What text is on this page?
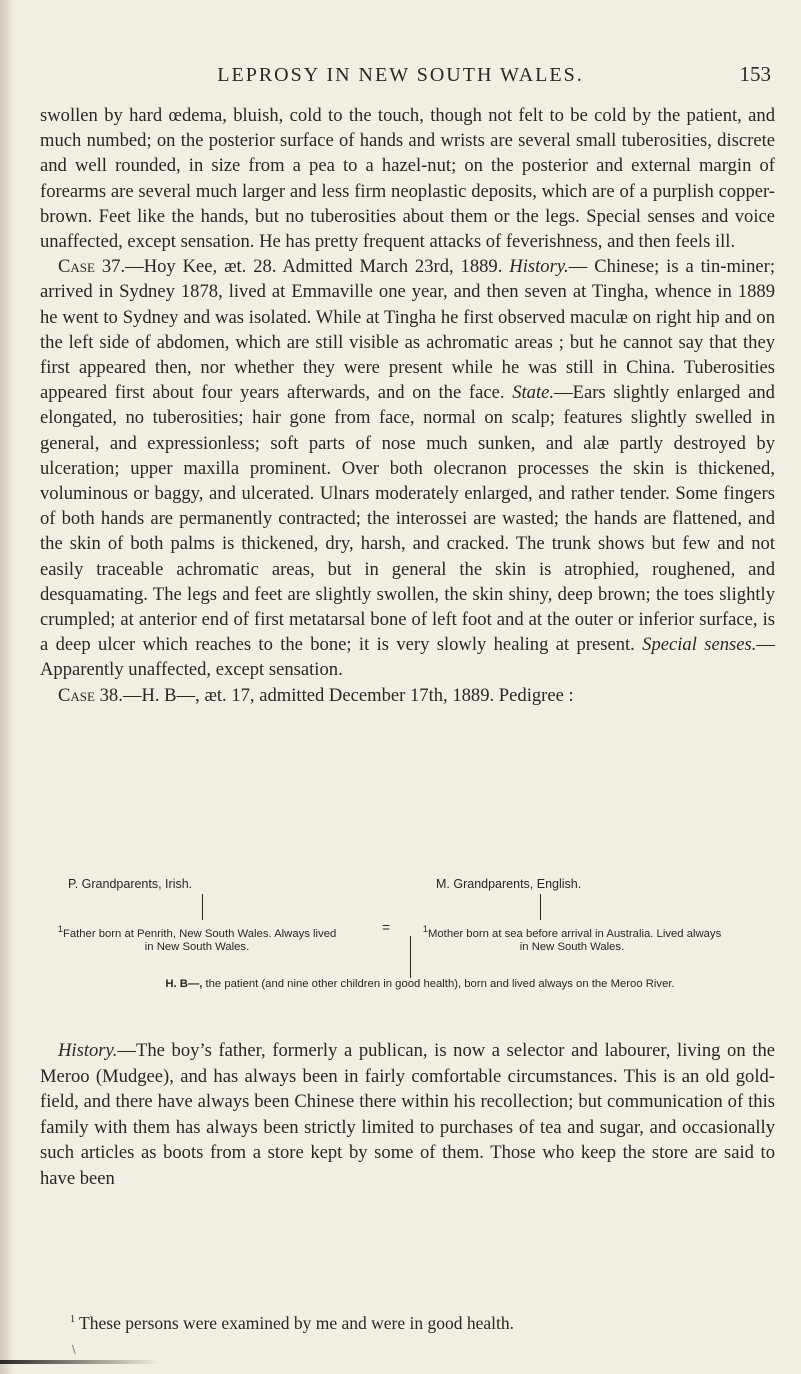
LEPROSY IN NEW SOUTH WALES.	153

swollen by hard œdema, bluish, cold to the touch, though not felt to be cold by the patient, and much numbed; on the posterior surface of hands and wrists are several small tuberosities, discrete and well rounded, in size from a pea to a hazel-nut; on the posterior and external margin of forearms are several much larger and less firm neoplastic deposits, which are of a purplish copper-brown. Feet like the hands, but no tuberosities about them or the legs. Special senses and voice unaffected, except sensation. He has pretty frequent attacks of feverishness, and then feels ill.

Case 37.—Hoy Kee, æt. 28. Admitted March 23rd, 1889. History.— Chinese; is a tin-miner; arrived in Sydney 1878, lived at Emmaville one year, and then seven at Tingha, whence in 1889 he went to Sydney and was isolated. While at Tingha he first observed maculæ on right hip and on the left side of abdomen, which are still visible as achromatic areas ; but he cannot say that they first appeared then, nor whether they were present while he was still in China. Tuberosities appeared first about four years afterwards, and on the face. State.—Ears slightly enlarged and elongated, no tuberosities; hair gone from face, normal on scalp; features slightly swelled in general, and expressionless; soft parts of nose much sunken, and alæ partly destroyed by ulceration; upper maxilla prominent. Over both olecranon processes the skin is thickened, voluminous or baggy, and ulcerated. Ulnars moderately enlarged, and rather tender. Some fingers of both hands are permanently contracted; the interossei are wasted; the hands are flattened, and the skin of both palms is thickened, dry, harsh, and cracked. The trunk shows but few and not easily traceable achromatic areas, but in general the skin is atrophied, roughened, and desquamating. The legs and feet are slightly swollen, the skin shiny, deep brown; the toes slightly crumpled; at anterior end of first metatarsal bone of left foot and at the outer or inferior surface, is a deep ulcer which reaches to the bone; it is very slowly healing at present. Special senses.—Apparently unaffected, except sensation.

Case 38.—H. B—, æt. 17, admitted December 17th, 1889. Pedigree :

P. Grandparents, Irish.
$^1$Father born at Penrith, New South Wales. Always lived in New South Wales.
=
M. Grandparents, English.
$^1$Mother born at sea before arrival in Australia. Lived always in New South Wales.
H. B—, the patient (and nine other children in good health), born and lived always on the Meroo River.

History.—The boy’s father, formerly a publican, is now a selector and labourer, living on the Meroo (Mudgee), and has always been in fairly comfortable circumstances. This is an old gold-field, and there have always been Chinese there within his recollection; but communication of this family with them has always been strictly limited to purchases of tea and sugar, and occasionally such articles as boots from a store kept by some of them. Those who keep the store are said to have been

$^1$ These persons were examined by me and were in good health.
\
